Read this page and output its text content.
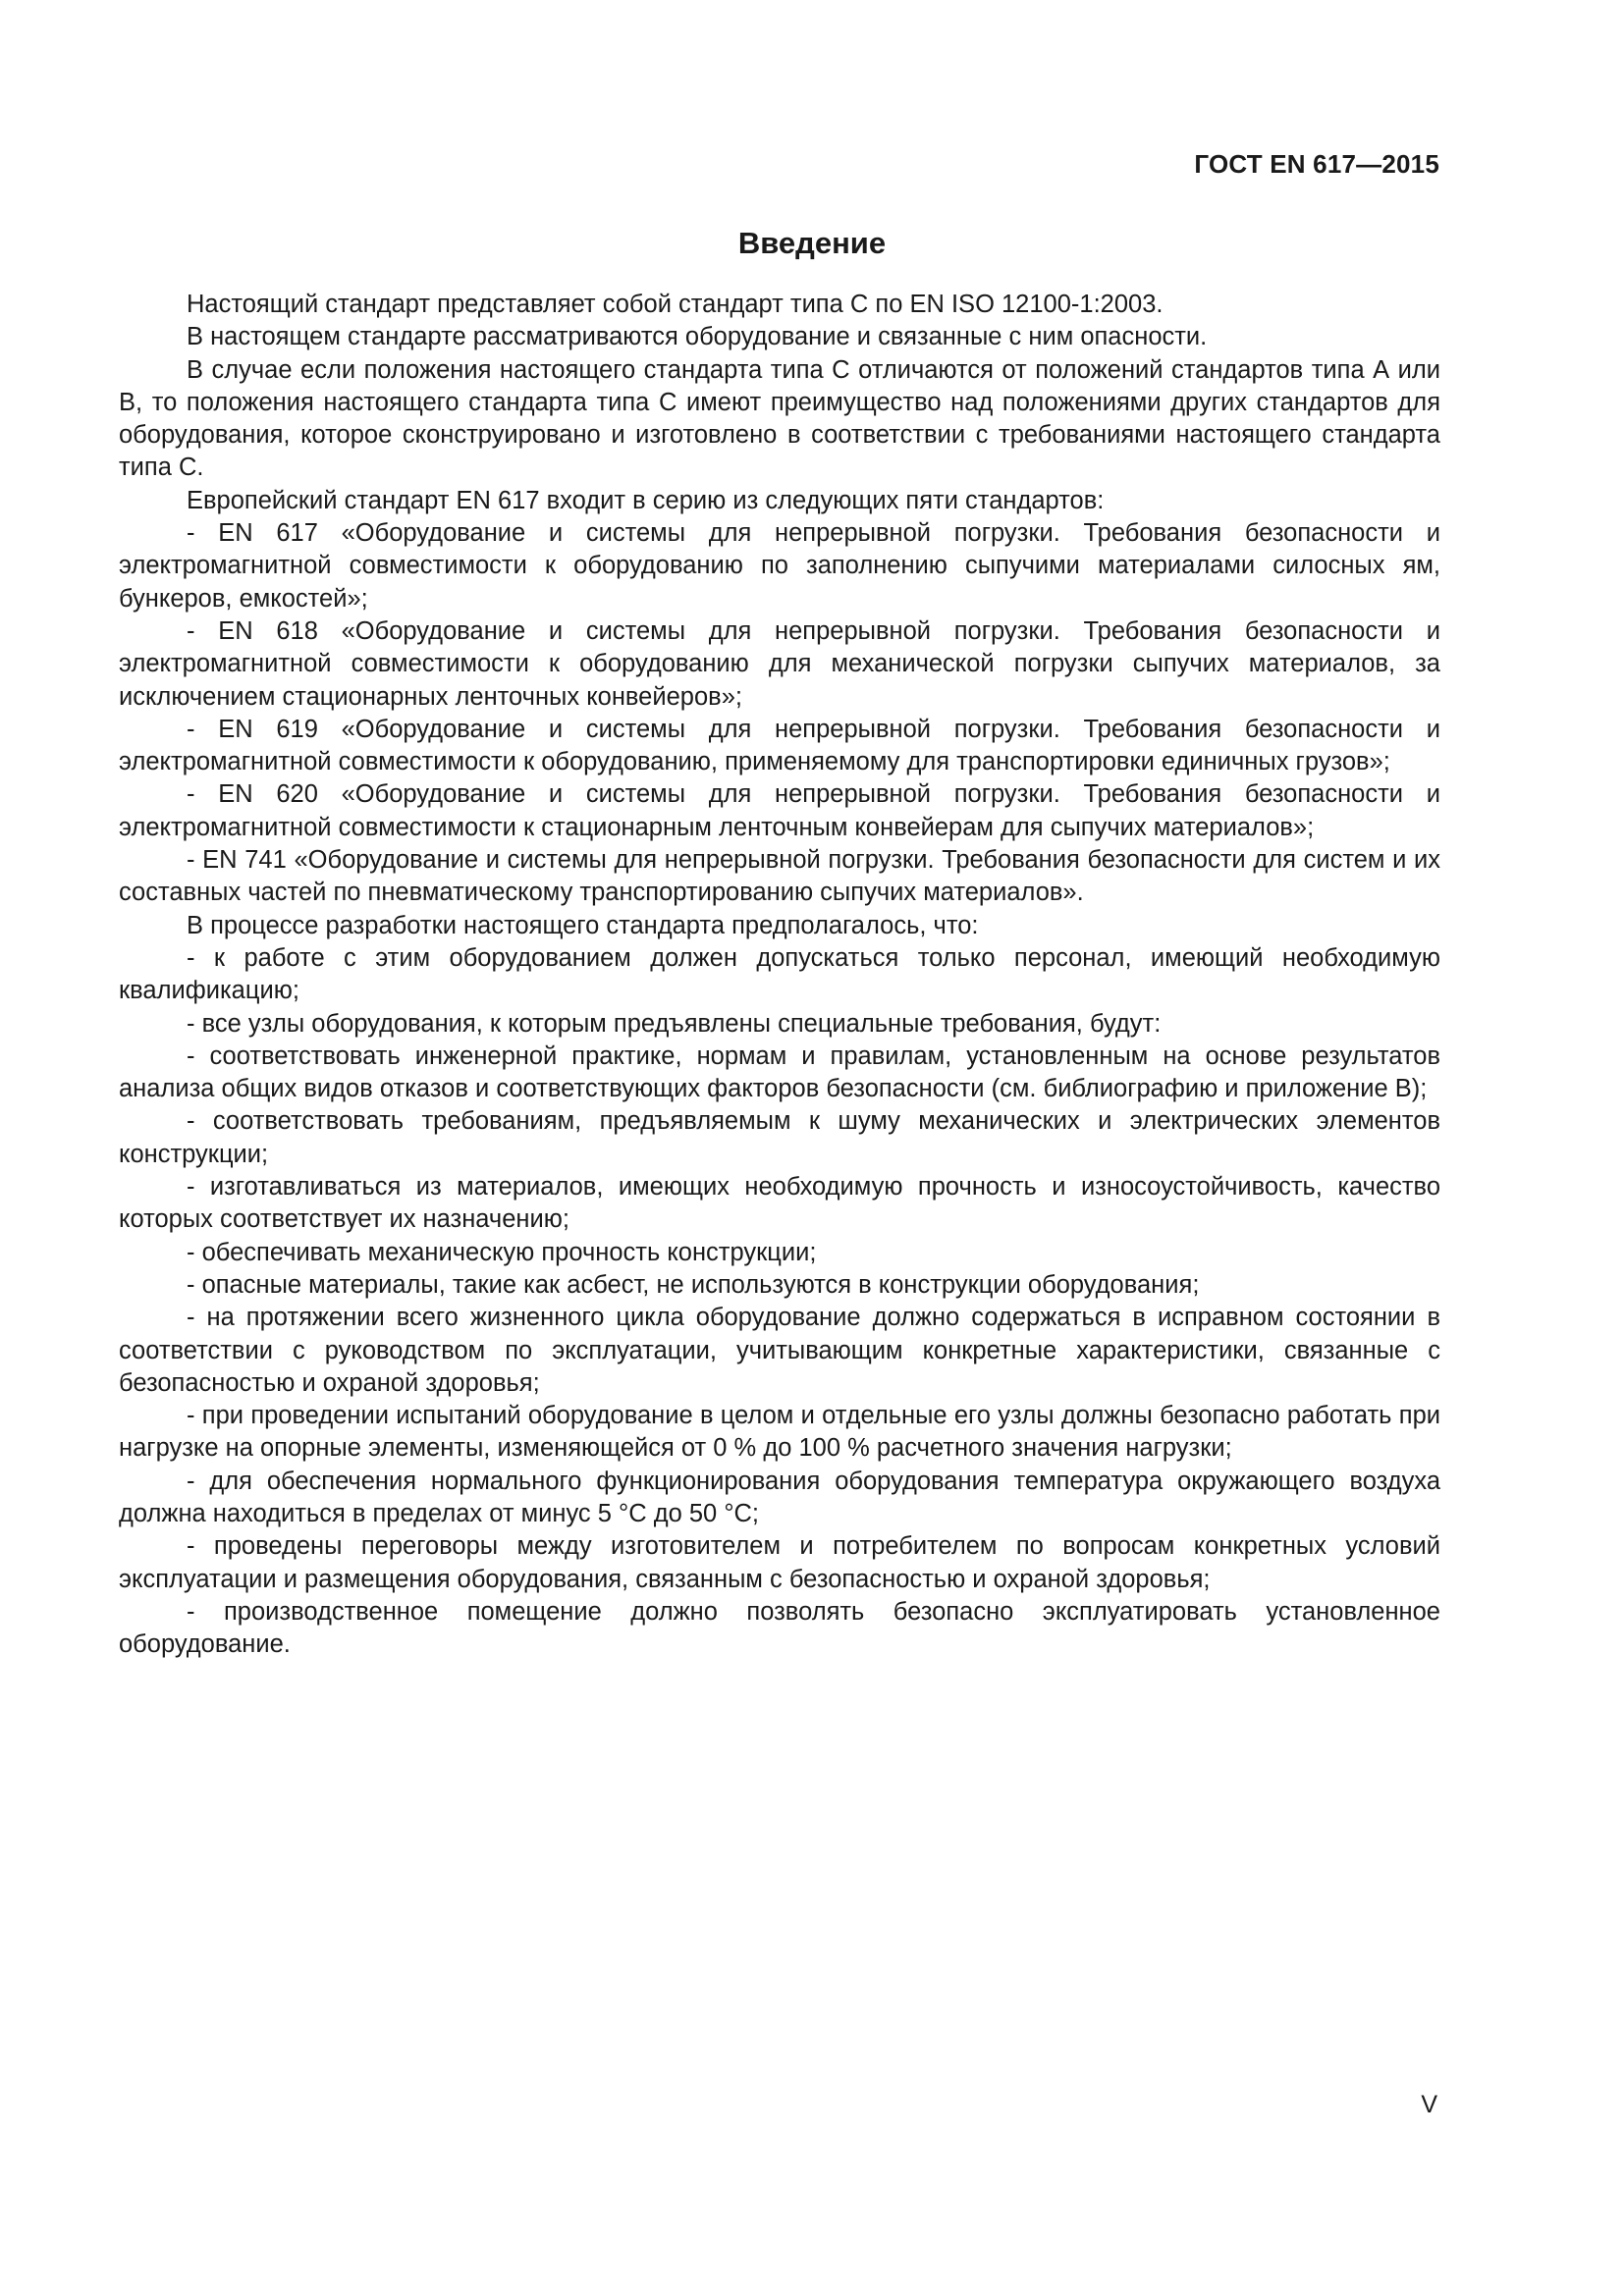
ГОСТ EN 617—2015
Введение

Настоящий стандарт представляет собой стандарт типа С по EN ISO 12100-1:2003.

В настоящем стандарте рассматриваются оборудование и связанные с ним опасности.

В случае если положения настоящего стандарта типа С отличаются от положений стандартов типа А или В, то положения настоящего стандарта типа С имеют преимущество над положениями других стандартов для оборудования, которое сконструировано и изготовлено в соответствии с требованиями настоящего стандарта типа С.

Европейский стандарт EN 617 входит в серию из следующих пяти стандартов:

- EN 617 «Оборудование и системы для непрерывной погрузки. Требования безопасности и электромагнитной совместимости к оборудованию по заполнению сыпучими материалами силосных ям, бункеров, емкостей»;

- EN 618 «Оборудование и системы для непрерывной погрузки. Требования безопасности и электромагнитной совместимости к оборудованию для механической погрузки сыпучих материалов, за исключением стационарных ленточных конвейеров»;

- EN 619 «Оборудование и системы для непрерывной погрузки. Требования безопасности и электромагнитной совместимости к оборудованию, применяемому для транспортировки единичных грузов»;

- EN 620 «Оборудование и системы для непрерывной погрузки. Требования безопасности и электромагнитной совместимости к стационарным ленточным конвейерам для сыпучих материалов»;

- EN 741 «Оборудование и системы для непрерывной погрузки. Требования безопасности для систем и их составных частей по пневматическому транспортированию сыпучих материалов».

В процессе разработки настоящего стандарта предполагалось, что:

- к работе с этим оборудованием должен допускаться только персонал, имеющий необходимую квалификацию;

- все узлы оборудования, к которым предъявлены специальные требования, будут:

- соответствовать инженерной практике, нормам и правилам, установленным на основе результатов анализа общих видов отказов и соответствующих факторов безопасности (см. библиографию и приложение В);

- соответствовать требованиям, предъявляемым к шуму механических и электрических элементов конструкции;

- изготавливаться из материалов, имеющих необходимую прочность и износоустойчивость, качество которых соответствует их назначению;

- обеспечивать механическую прочность конструкции;

- опасные материалы, такие как асбест, не используются в конструкции оборудования;

- на протяжении всего жизненного цикла оборудование должно содержаться в исправном состоянии в соответствии с руководством по эксплуатации, учитывающим конкретные характеристики, связанные с безопасностью и охраной здоровья;

- при проведении испытаний оборудование в целом и отдельные его узлы должны безопасно работать при нагрузке на опорные элементы, изменяющейся от 0 % до 100 % расчетного значения нагрузки;

- для обеспечения нормального функционирования оборудования температура окружающего воздуха должна находиться в пределах от минус 5 °С до 50 °С;

- проведены переговоры между изготовителем и потребителем по вопросам конкретных условий эксплуатации и размещения оборудования, связанным с безопасностью и охраной здоровья;

- производственное помещение должно позволять безопасно эксплуатировать установленное оборудование.

V
